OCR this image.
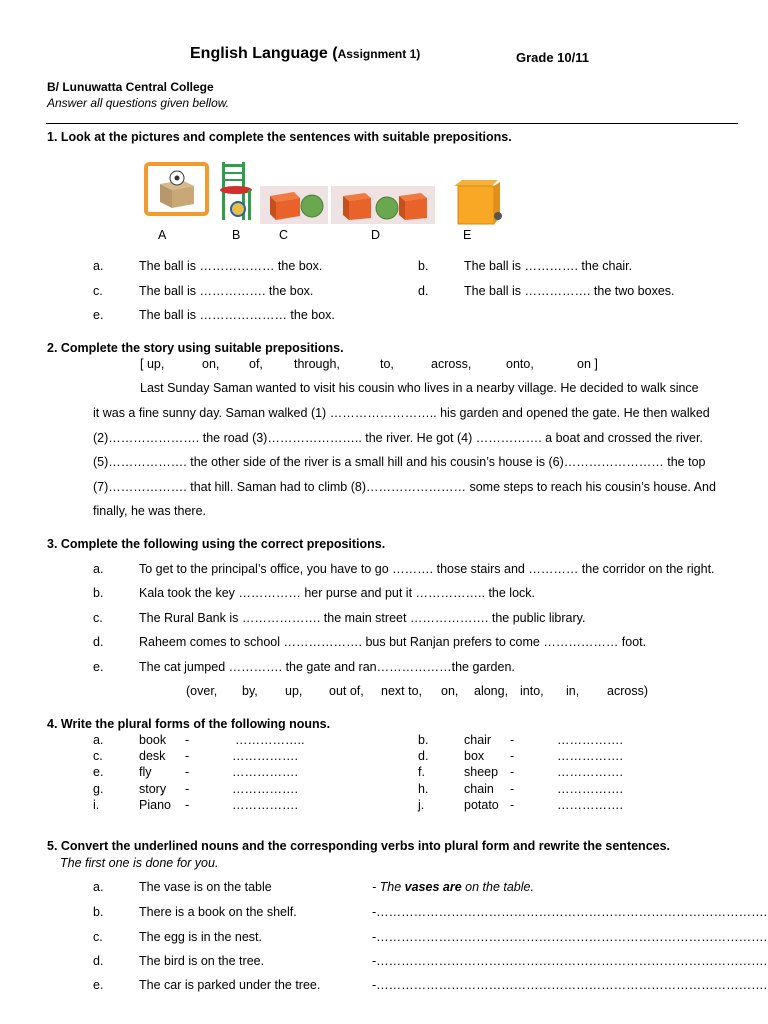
English Language (Assignment 1)	Grade 10/11
B/ Lunuwatta Central College
Answer all questions given bellow.
1. Look at the pictures and complete the sentences with suitable prepositions.
A	B	C	D	E
a.	The ball is ……………… the box.	b.	The ball is …………. the chair.
c.	The ball is ……………. the box.	d.	The ball is ……………. the two boxes.
e.	The ball is ………………… the box.
2. Complete the story using suitable prepositions.
[ up,	on, of, through,	to,	across,	onto,	on ]
Last Sunday Saman wanted to visit his cousin who lives in a nearby village. He decided to walk since
it was a fine sunny day. Saman walked (1) …………………….. his garden and opened the gate. He then walked
(2)…………………. the road (3)………………….. the river. He got (4) ……………. a boat and crossed the river.
(5)………………. the other side of the river is a small hill and his cousin’s house is (6)…………………… the top
(7)………………. that hill. Saman had to climb (8)…………………… some steps to reach his cousin’s house. And
finally, he was there.
3. Complete the following using the correct prepositions.
a.	To get to the principal’s office, you have to go ………. those stairs and ………… the corridor on the right.
b.	Kala took the key …………… her purse and put it …………….. the lock.
c.	The Rural Bank is ………………. the main street ………………. the public library.
d.	Raheem comes to school ………………. bus but Ranjan prefers to come ……………… foot.
e.	The cat jumped …………. the gate and ran………………the garden.
(over, by, up, out of, next to, on, along, into, in, across)
4. Write the plural forms of the following nouns.
a.	book -	……………..	b.	chair -	…………….
c.	desk -	…………….	d.	box -	…………….
e.	fly	-	…………….	f.	sheep -	…………….
g.	story -	…………….	h.	chain -	…………….
i.	Piano -	…………….	j.	potato -	…………….
5. Convert the underlined nouns and the corresponding verbs into plural form and rewrite the sentences.
The first one is done for you.
a.	The vase is on the table	- The vases are on the table.
b.	There is a book on the shelf.	-………………………………………………………………………………….
c.	The egg is in the nest.	-………………………………………………………………………………….
d.	The bird is on the tree.	-………………………………………………………………………………….
e.	The car is parked under the tree.	-………………………………………………………………………………….
